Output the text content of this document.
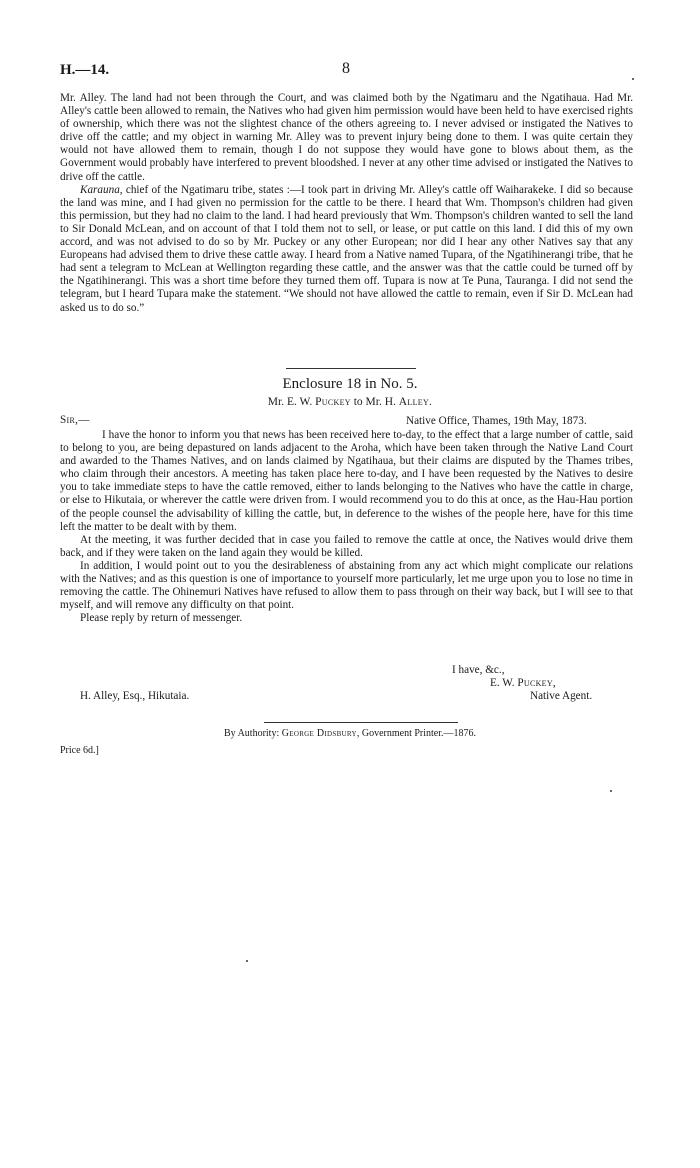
H.—14.	8

Mr. Alley. The land had not been through the Court, and was claimed both by the Ngatimaru and the Ngatihaua. Had Mr. Alley's cattle been allowed to remain, the Natives who had given him permission would have been held to have exercised rights of ownership, which there was not the slightest chance of the others agreeing to. I never advised or instigated the Natives to drive off the cattle; and my object in warning Mr. Alley was to prevent injury being done to them. I was quite certain they would not have allowed them to remain, though I do not suppose they would have gone to blows about them, as the Government would probably have interfered to prevent bloodshed. I never at any other time advised or instigated the Natives to drive off the cattle.

Karauna, chief of the Ngatimaru tribe, states :—I took part in driving Mr. Alley's cattle off Waiharakeke. I did so because the land was mine, and I had given no permission for the cattle to be there. I heard that Wm. Thompson's children had given this permission, but they had no claim to the land. I had heard previously that Wm. Thompson's children wanted to sell the land to Sir Donald McLean, and on account of that I told them not to sell, or lease, or put cattle on this land. I did this of my own accord, and was not advised to do so by Mr. Puckey or any other European; nor did I hear any other Natives say that any Europeans had advised them to drive these cattle away. I heard from a Native named Tupara, of the Ngatihinerangi tribe, that he had sent a telegram to McLean at Wellington regarding these cattle, and the answer was that the cattle could be turned off by the Ngatihinerangi. This was a short time before they turned them off. Tupara is now at Te Puna, Tauranga. I did not send the telegram, but I heard Tupara make the statement. “We should not have allowed the cattle to remain, even if Sir D. McLean had asked us to do so.”

Enclosure 18 in No. 5.
Mr. E. W. Puckey to Mr. H. Alley.
Sir,—	Native Office, Thames, 19th May, 1873.

I have the honor to inform you that news has been received here to-day, to the effect that a large number of cattle, said to belong to you, are being depastured on lands adjacent to the Aroha, which have been taken through the Native Land Court and awarded to the Thames Natives, and on lands claimed by Ngatihaua, but their claims are disputed by the Thames tribes, who claim through their ancestors. A meeting has taken place here to-day, and I have been requested by the Natives to desire you to take immediate steps to have the cattle removed, either to lands belonging to the Natives who have the cattle in charge, or else to Hikutaia, or wherever the cattle were driven from. I would recommend you to do this at once, as the Hau-Hau portion of the people counsel the advisability of killing the cattle, but, in deference to the wishes of the people here, have for this time left the matter to be dealt with by them.

At the meeting, it was further decided that in case you failed to remove the cattle at once, the Natives would drive them back, and if they were taken on the land again they would be killed.

In addition, I would point out to you the desirableness of abstaining from any act which might complicate our relations with the Natives; and as this question is one of importance to yourself more particularly, let me urge upon you to lose no time in removing the cattle. The Ohinemuri Natives have refused to allow them to pass through on their way back, but I will see to that myself, and will remove any difficulty on that point.

Please reply by return of messenger.

I have, &c.,
E. W. Puckey,
Native Agent.
H. Alley, Esq., Hikutaia.
By Authority: George Didsbury, Government Printer.—1876.
Price 6d.]
